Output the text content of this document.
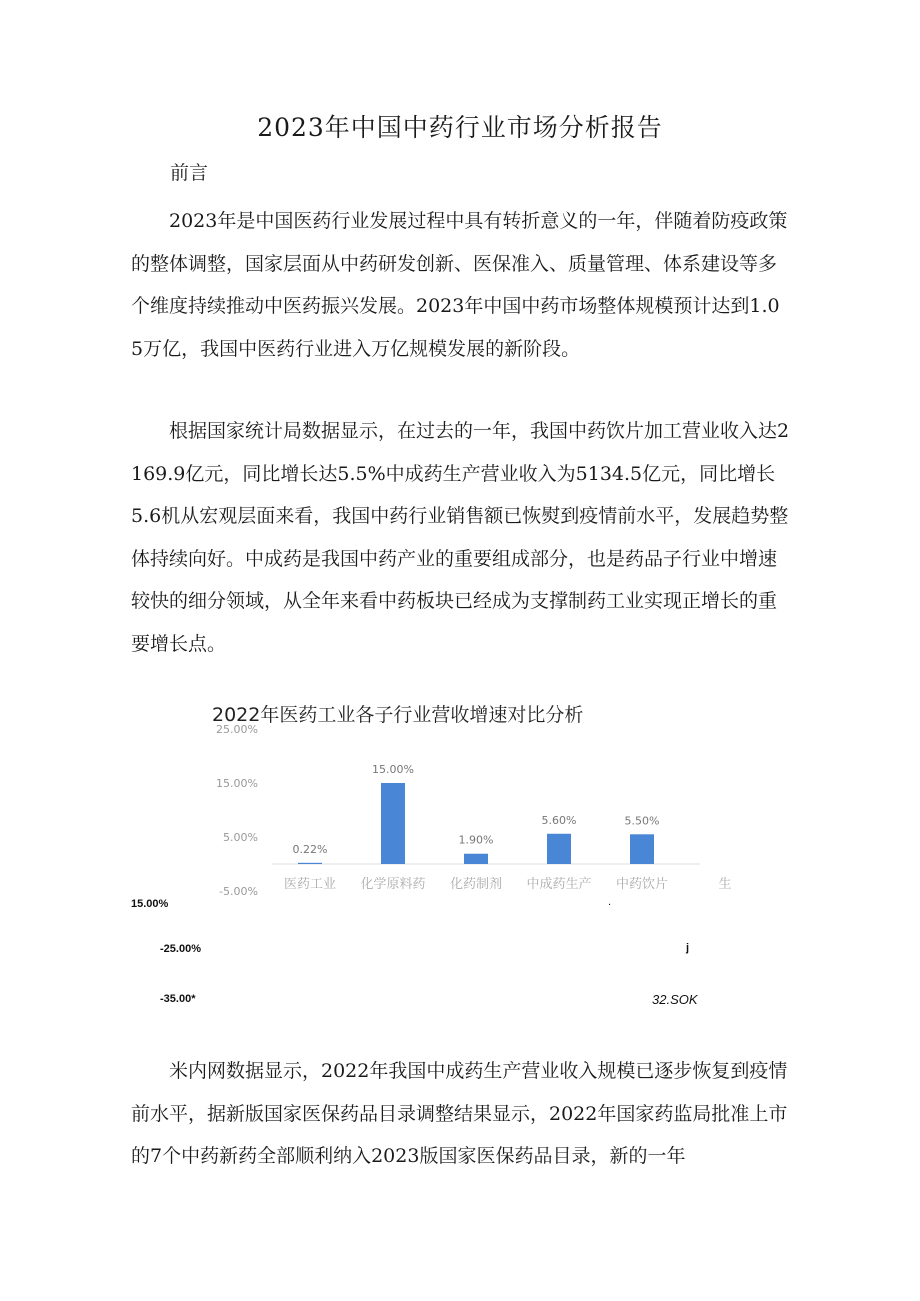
2023年中国中药行业市场分析报告
前言

2023年是中国医药行业发展过程中具有转折意义的一年，伴随着防疫政策的整体调整，国家层面从中药研发创新、医保准入、质量管理、体系建设等多个维度持续推动中医药振兴发展。2023年中国中药市场整体规模预计达到1.05万亿，我国中医药行业进入万亿规模发展的新阶段。

根据国家统计局数据显示，在过去的一年，我国中药饮片加工营业收入达2169.9亿元，同比增长达5.5%中成药生产营业收入为5134.5亿元，同比增长5.6机从宏观层面来看，我国中药行业销售额已恢熨到疫情前水平，发展趋势整体持续向好。中成药是我国中药产业的重要组成部分，也是药品子行业中增速较快的细分领域，从全年来看中药板块已经成为支撑制药工业实现正增长的重要增长点。

2022年医药工业各子行业营收增速对比分析
25.00%
15.00%
5.00%
-5.00%
0.22%
医药工业
15.00%
化学原料药
1.90%
化药制剂
5.60%
中成药生产
5.50%
中药饮片	生
15.00%
-25.00%
-35.00*
.
j
32.SOK

米内网数据显示，2022年我国中成药生产营业收入规模已逐步恢复到疫情前水平，据新版国家医保药品目录调整结果显示，2022年国家药监局批准上市的7个中药新药全部顺利纳入2023版国家医保药品目录，新的一年
